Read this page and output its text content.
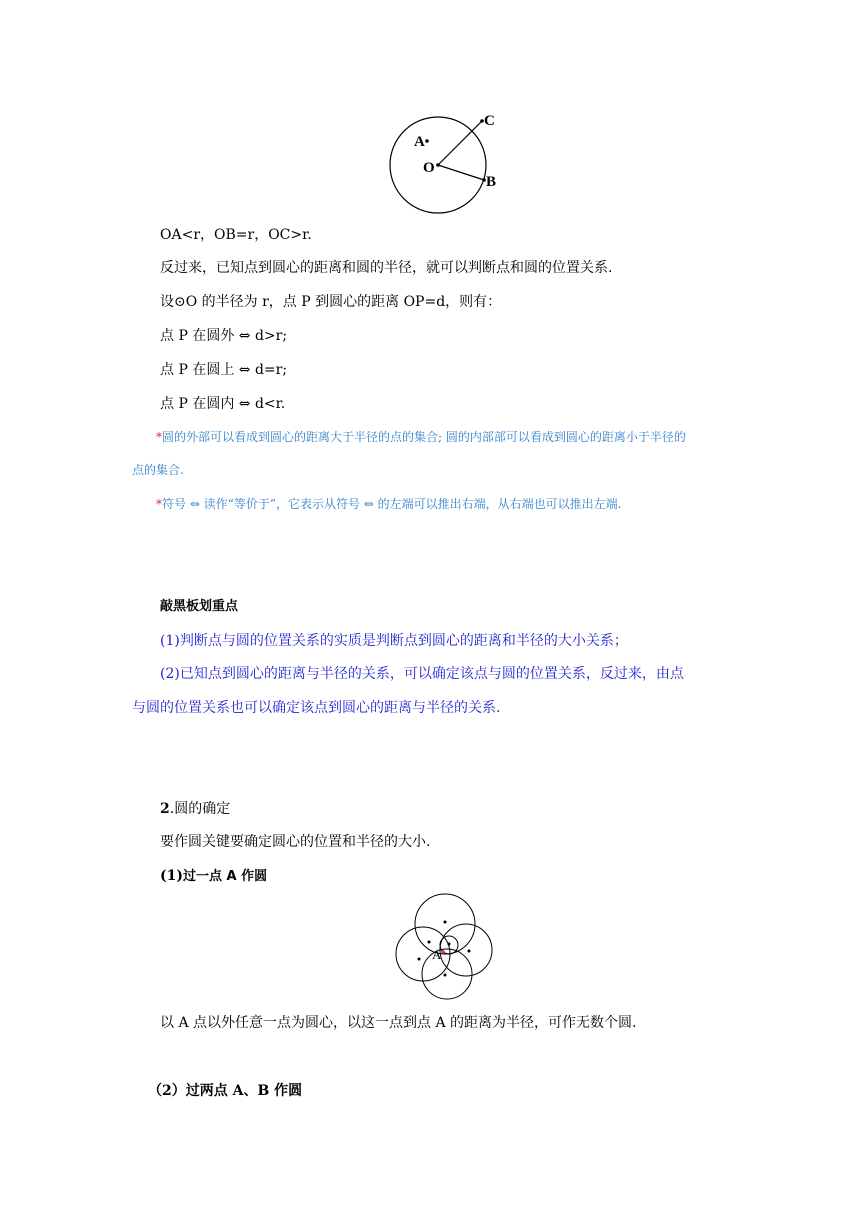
A
O
B
C
OA<r，OB=r，OC>r.
反过来，已知点到圆心的距离和圆的半径，就可以判断点和圆的位置关系.
设⊙O 的半径为 r，点 P 到圆心的距离 OP=d，则有：
点 P 在圆外 ⇔ d>r;
点 P 在圆上 ⇔ d=r;
点 P 在圆内 ⇔ d<r.
*圆的外部可以看成到圆心的距离大于半径的点的集合; 圆的内部部可以看成到圆心的距离小于半径的
点的集合.
*符号 ⇔ 读作“等价于”，它表示从符号 ⇔ 的左端可以推出右端，从右端也可以推出左端.
敲黑板划重点
(1)判断点与圆的位置关系的实质是判断点到圆心的距离和半径的大小关系；
(2)已知点到圆心的距离与半径的关系，可以确定该点与圆的位置关系，反过来，由点
与圆的位置关系也可以确定该点到圆心的距离与半径的关系.
2.圆的确定
要作圆关键要确定圆心的位置和半径的大小.
(1)过一点 A 作圆
A
以 A 点以外任意一点为圆心，以这一点到点 A 的距离为半径，可作无数个圆.
（2）过两点 A、B 作圆
